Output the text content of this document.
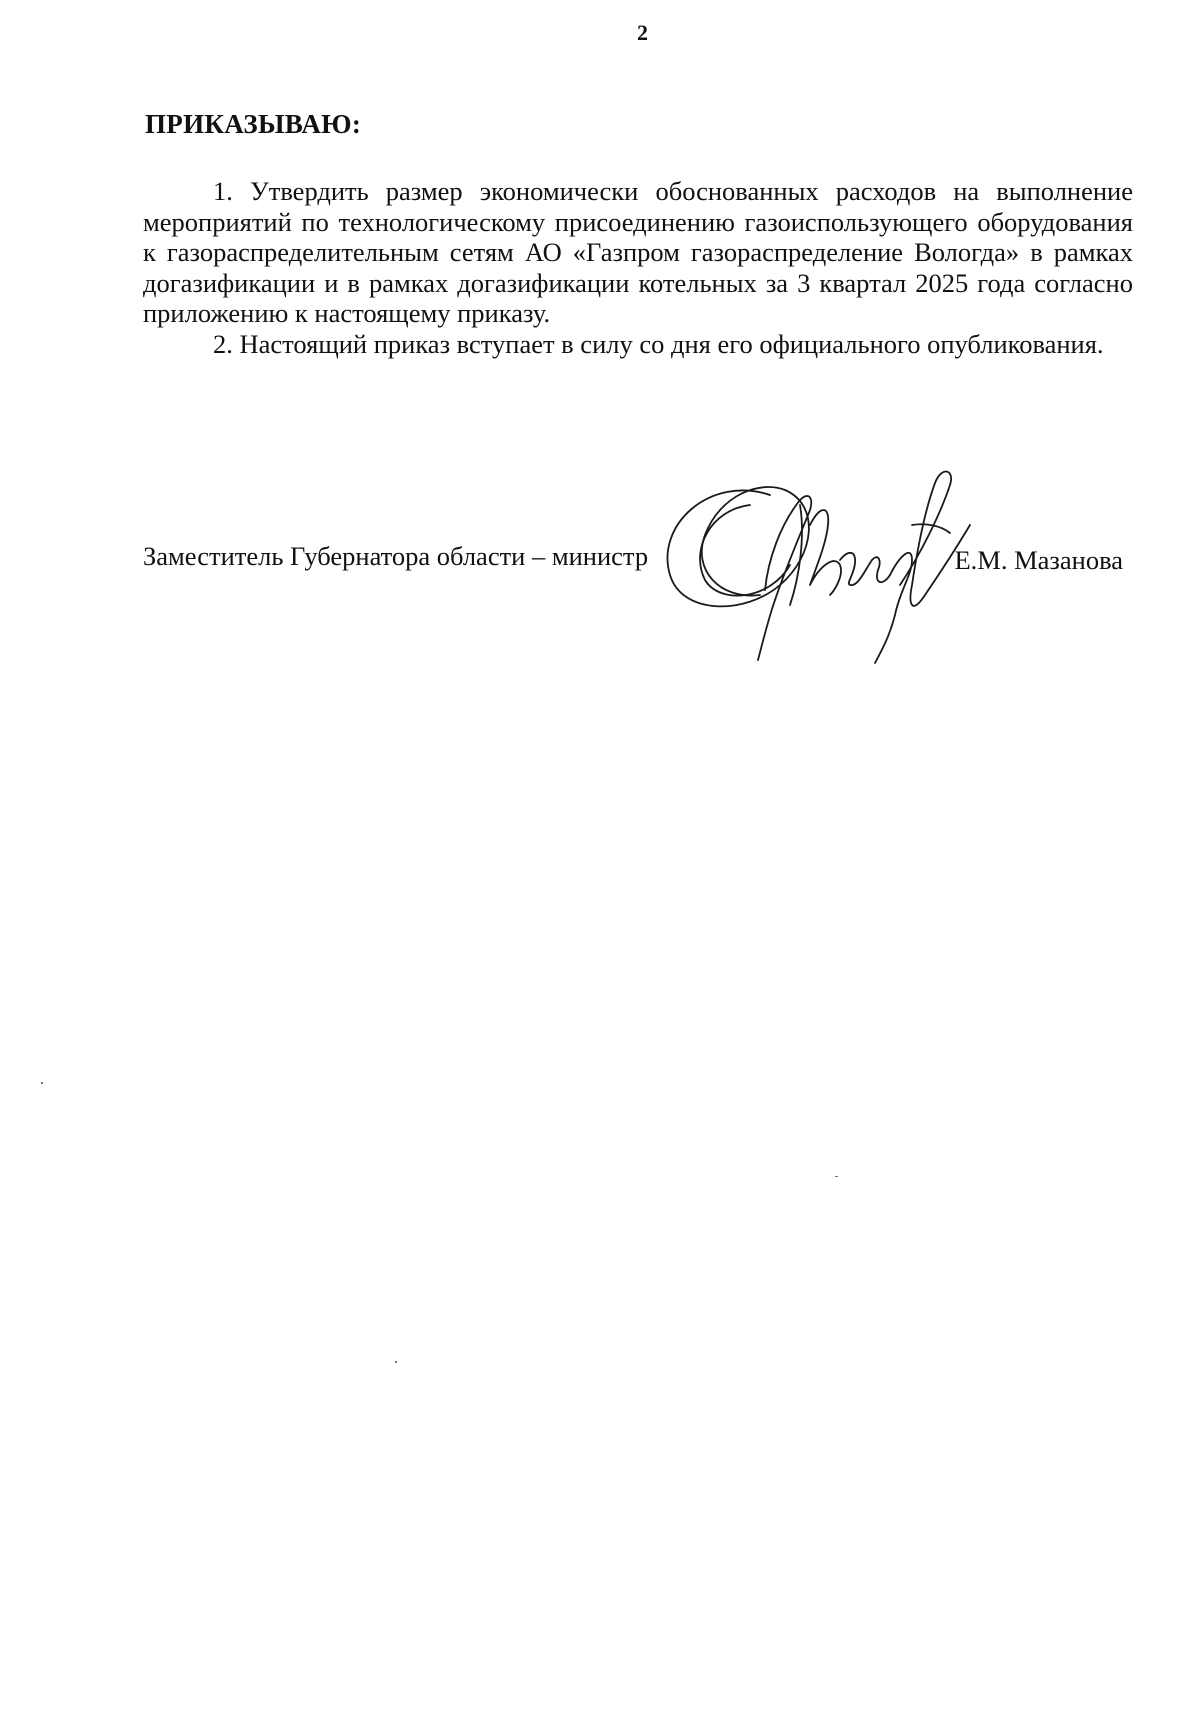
2
ПРИКАЗЫВАЮ:

1. Утвердить размер экономически обоснованных расходов на выполнение мероприятий по технологическому присоединению газоиспользующего оборудования к газораспределительным сетям АО «Газпром газораспределение Вологда» в рамках догазификации и в рамках догазификации котельных за 3 квартал 2025 года согласно приложению к настоящему приказу.

2. Настоящий приказ вступает в силу со дня его официального опубликования.

Заместитель Губернатора области – министр	Е.М. Мазанова
